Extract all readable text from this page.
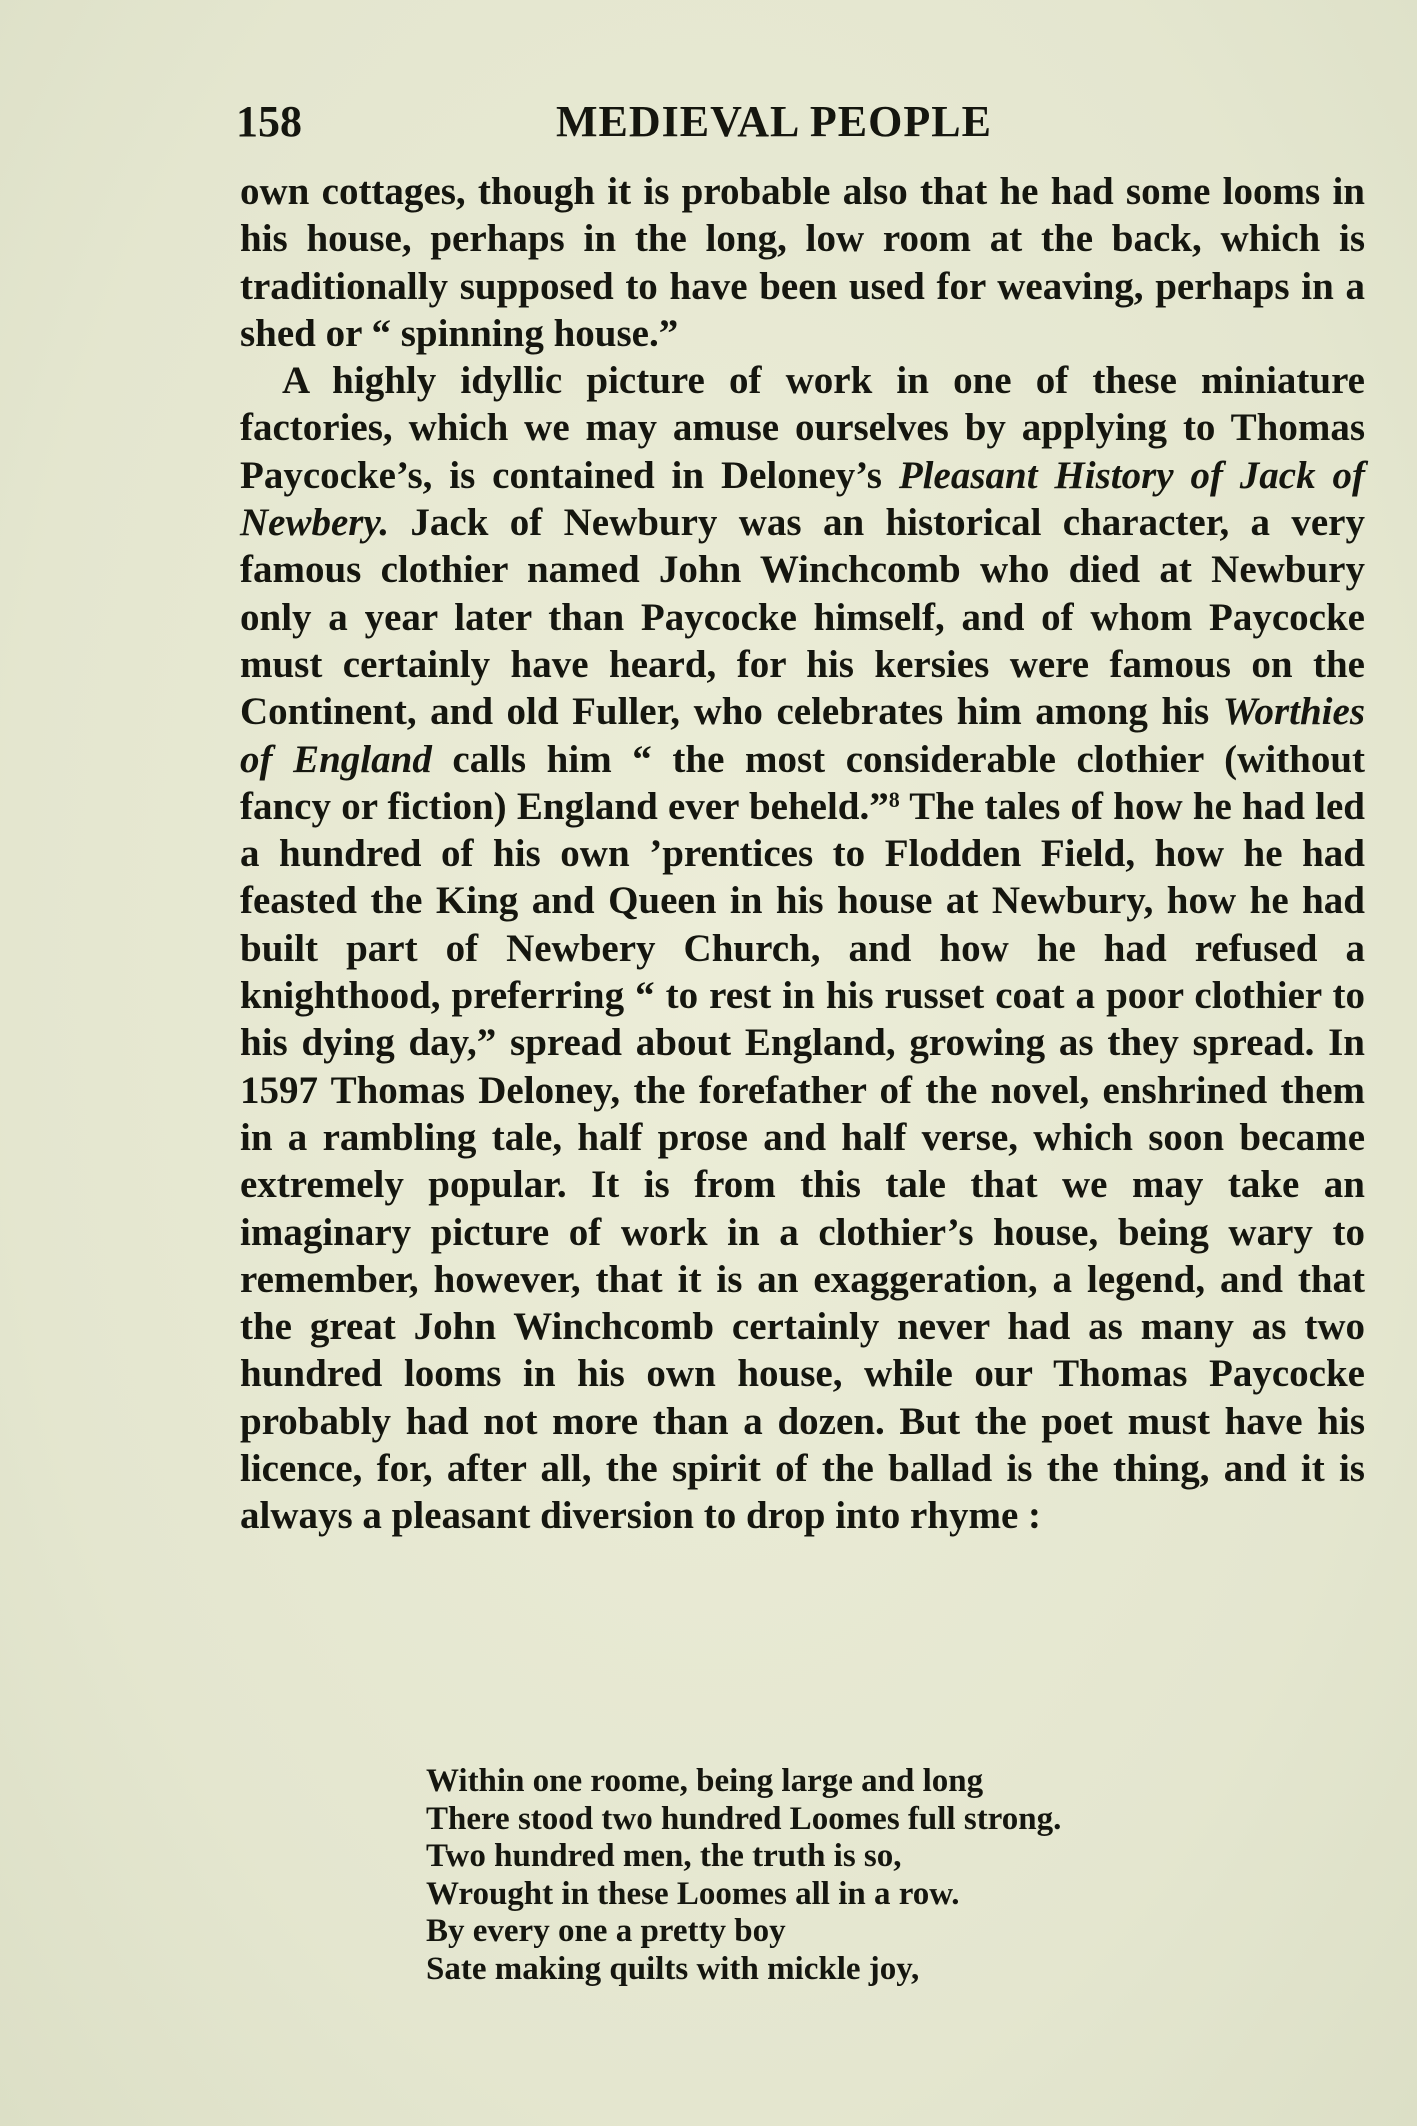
158	MEDIEVAL PEOPLE

own cottages, though it is probable also that he had some looms in his house, perhaps in the long, low room at the back, which is traditionally supposed to have been used for weaving, perhaps in a shed or “ spinning house.”

A highly idyllic picture of work in one of these miniature factories, which we may amuse ourselves by applying to Thomas Paycocke’s, is contained in Deloney’s Pleasant History of Jack of Newbery. Jack of Newbury was an historical character, a very famous clothier named John Winchcomb who died at Newbury only a year later than Paycocke himself, and of whom Paycocke must certainly have heard, for his kersies were famous on the Continent, and old Fuller, who celebrates him among his Worthies of England calls him “ the most considerable clothier (without fancy or fiction) England ever beheld.”$^8$ The tales of how he had led a hundred of his own ’prentices to Flodden Field, how he had feasted the King and Queen in his house at Newbury, how he had built part of Newbery Church, and how he had refused a knighthood, preferring “ to rest in his russet coat a poor clothier to his dying day,” spread about England, growing as they spread. In 1597 Thomas Deloney, the forefather of the novel, enshrined them in a rambling tale, half prose and half verse, which soon became extremely popular. It is from this tale that we may take an imaginary picture of work in a clothier’s house, being wary to remember, however, that it is an exaggeration, a legend, and that the great John Winchcomb certainly never had as many as two hundred looms in his own house, while our Thomas Paycocke probably had not more than a dozen. But the poet must have his licence, for, after all, the spirit of the ballad is the thing, and it is always a pleasant diversion to drop into rhyme :

Within one roome, being large and long
There stood two hundred Loomes full strong.
Two hundred men, the truth is so,
Wrought in these Loomes all in a row.
By every one a pretty boy
Sate making quilts with mickle joy,
